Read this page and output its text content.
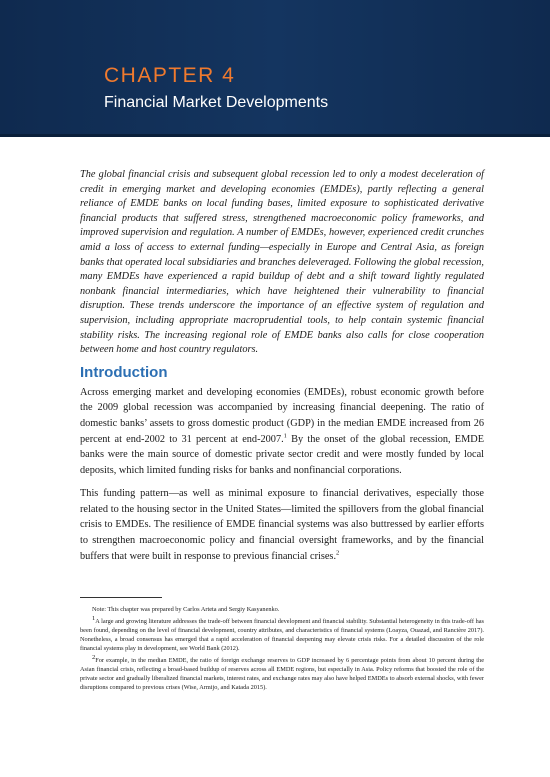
CHAPTER 4
Financial Market Developments

The global financial crisis and subsequent global recession led to only a modest deceleration of credit in emerging market and developing economies (EMDEs), partly reflecting a general reliance of EMDE banks on local funding bases, limited exposure to sophisticated derivative financial products that suffered stress, strengthened macroeconomic policy frameworks, and improved supervision and regulation. A number of EMDEs, however, experienced credit crunches amid a loss of access to external funding—especially in Europe and Central Asia, as foreign banks that operated local subsidiaries and branches deleveraged. Following the global recession, many EMDEs have experienced a rapid buildup of debt and a shift toward lightly regulated nonbank financial intermediaries, which have heightened their vulnerability to financial disruption. These trends underscore the importance of an effective system of regulation and supervision, including appropriate macroprudential tools, to help contain systemic financial stability risks. The increasing regional role of EMDE banks also calls for close cooperation between home and host country regulators.

Introduction

Across emerging market and developing economies (EMDEs), robust economic growth before the 2009 global recession was accompanied by increasing financial deepening. The ratio of domestic banks’ assets to gross domestic product (GDP) in the median EMDE increased from 26 percent at end-2002 to 31 percent at end-2007.$^1$ By the onset of the global recession, EMDE banks were the main source of domestic private sector credit and were mostly funded by local deposits, which limited funding risks for banks and nonfinancial corporations.

This funding pattern—as well as minimal exposure to financial derivatives, especially those related to the housing sector in the United States—limited the spillovers from the global financial crisis to EMDEs. The resilience of EMDE financial systems was also buttressed by earlier efforts to strengthen macroeconomic policy and financial oversight frameworks, and by the financial buffers that were built in response to previous financial crises.$^2$

Note: This chapter was prepared by Carlos Arteta and Sergiy Kasyanenko.

$^1$A large and growing literature addresses the trade-off between financial development and financial stability. Substantial heterogeneity in this trade-off has been found, depending on the level of financial development, country attributes, and characteristics of financial systems (Loayza, Ouazad, and Rancière 2017). Nonetheless, a broad consensus has emerged that a rapid acceleration of financial deepening may elevate crisis risks. For a detailed discussion of the role financial systems play in development, see World Bank (2012).

$^2$For example, in the median EMDE, the ratio of foreign exchange reserves to GDP increased by 6 percentage points from about 10 percent during the Asian financial crisis, reflecting a broad-based buildup of reserves across all EMDE regions, but especially in Asia. Policy reforms that boosted the role of the private sector and gradually liberalized financial markets, interest rates, and exchange rates may also have helped EMDEs to absorb external shocks, with fewer disruptions compared to previous crises (Wise, Armijo, and Katada 2015).
